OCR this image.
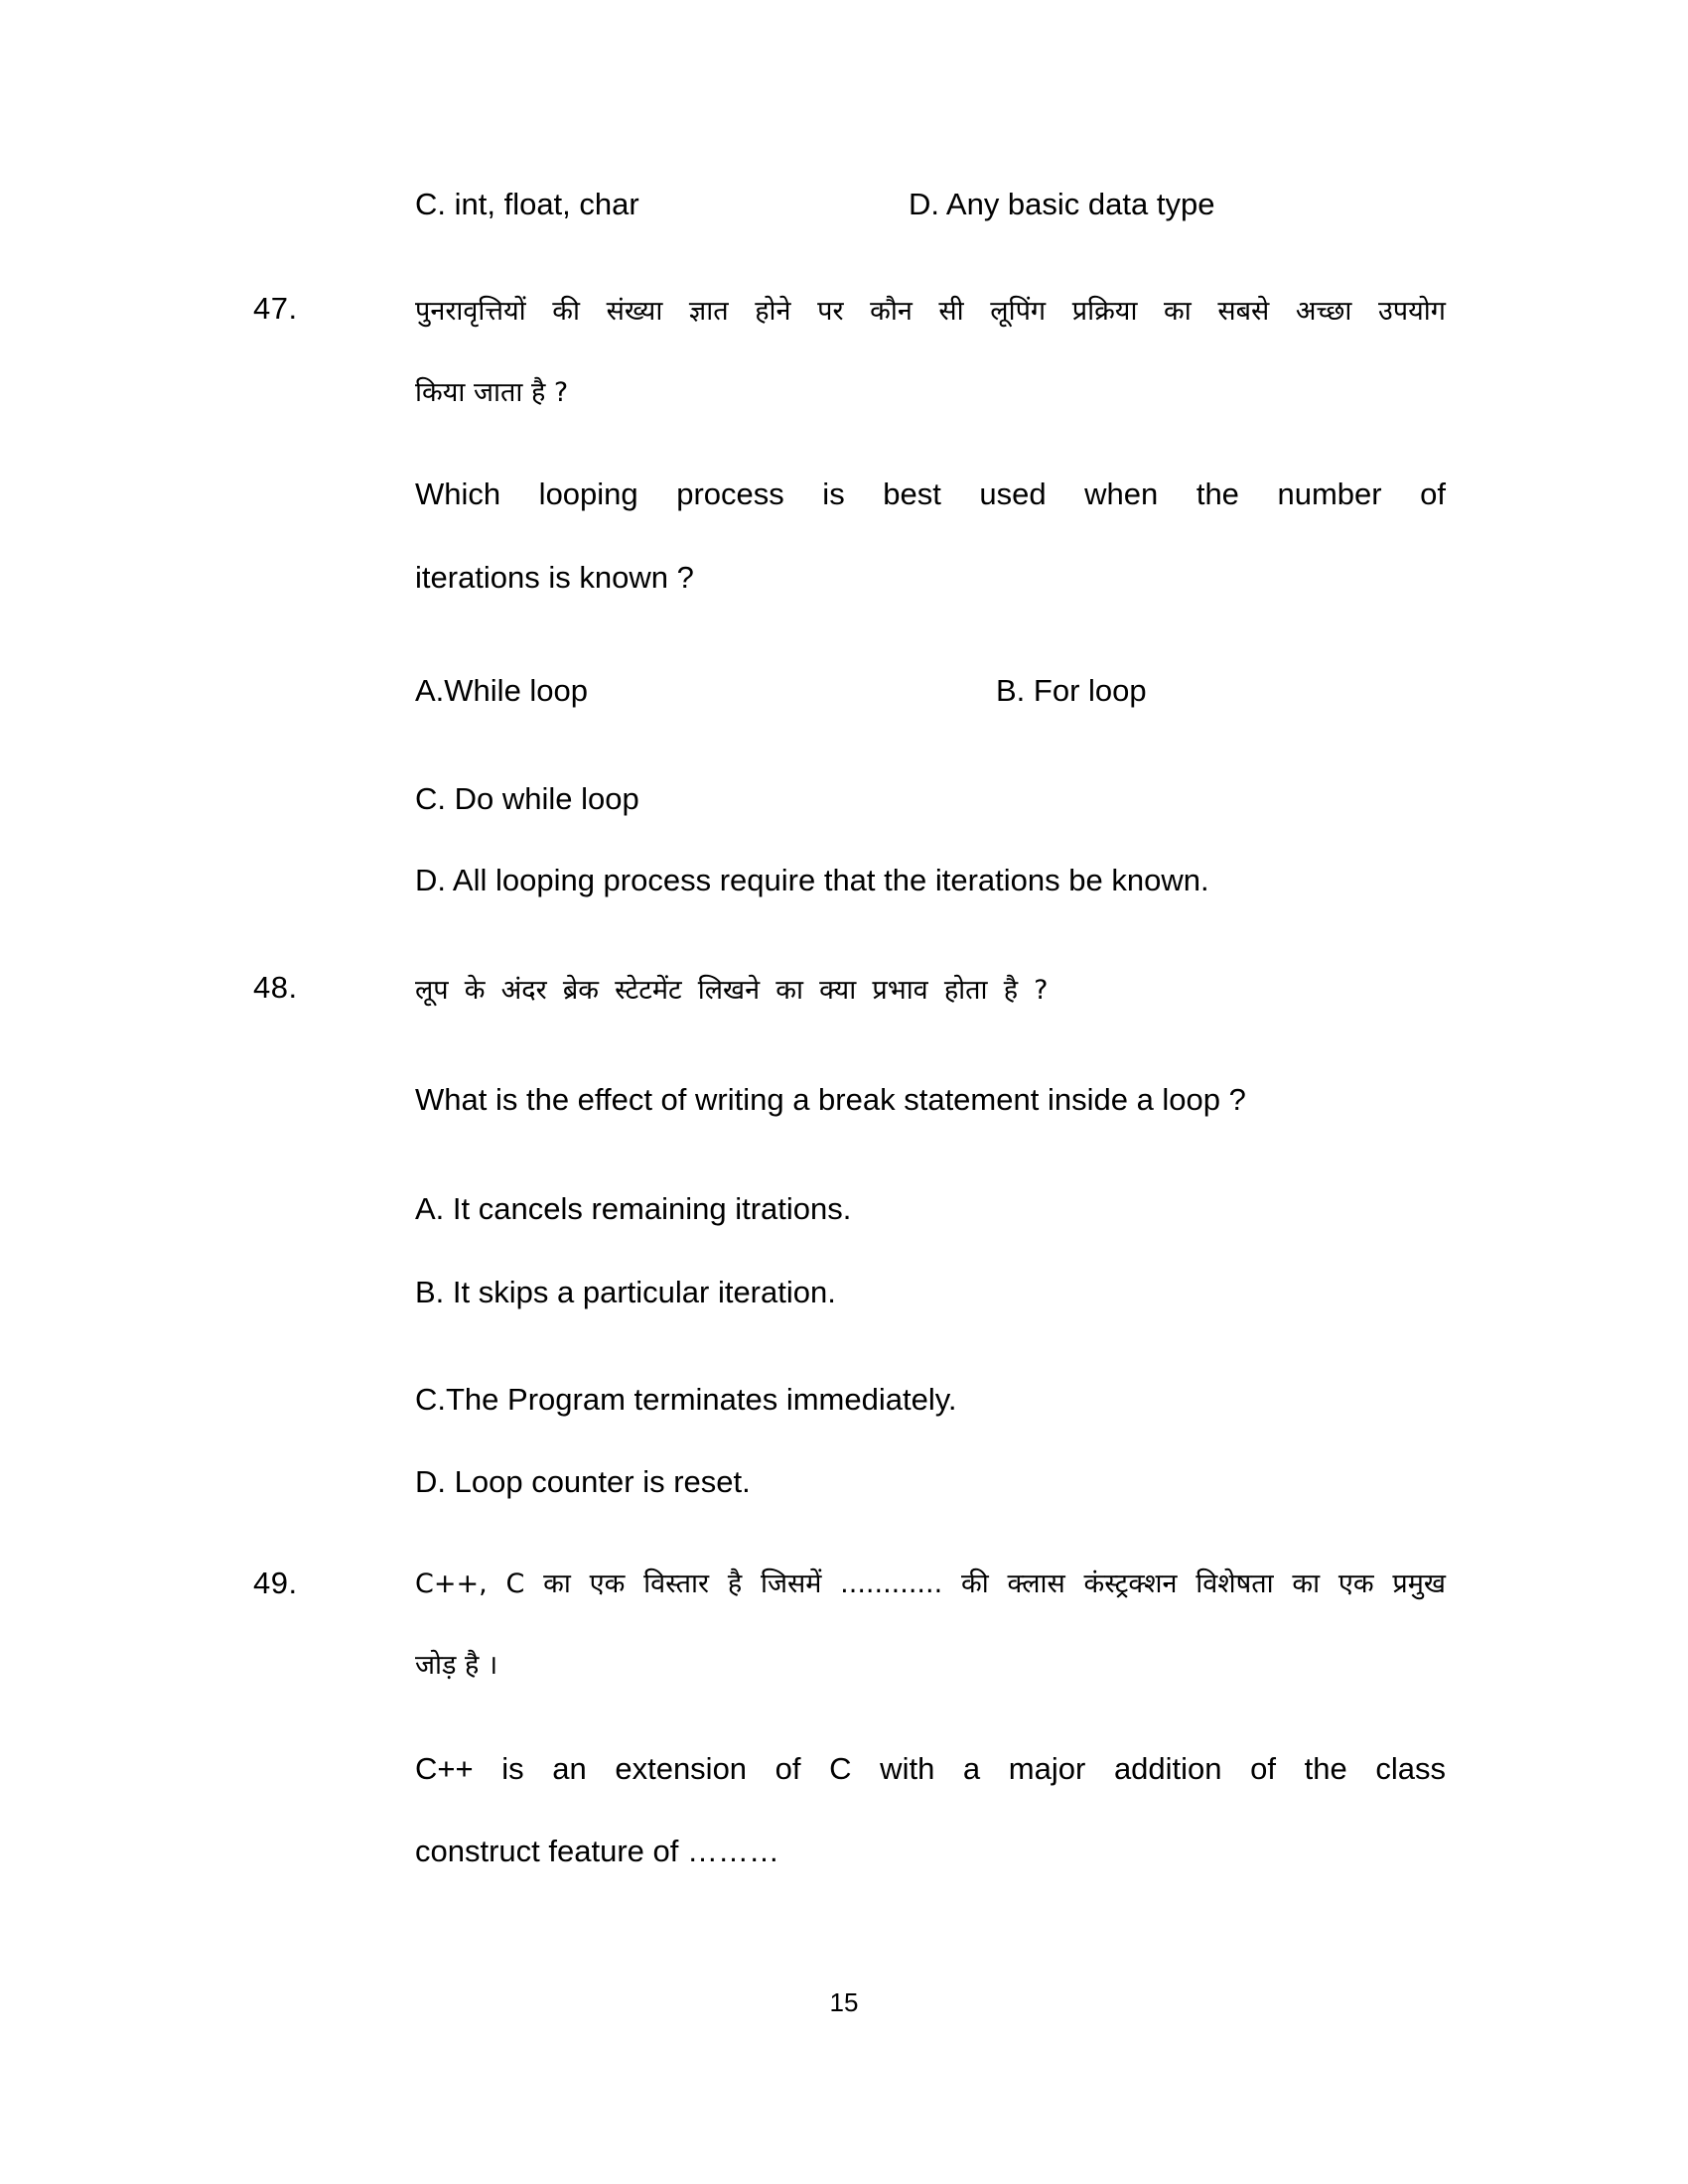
C. int, float, char	D. Any basic data type
47.	पुनरावृत्तियों की संख्या ज्ञात होने पर कौन सी लूपिंग प्रक्रिया का सबसे अच्छा उपयोग
किया जाता है ?
Which looping process is best used when the number of
iterations is known ?
A.While loop	B. For loop
C. Do while loop
D. All looping process require that the iterations be known.
48.	लूप के अंदर ब्रेक स्टेटमेंट लिखने का क्या प्रभाव होता है ?
What is the effect of writing a break statement inside a loop ?
A. It cancels remaining itrations.
B. It skips a particular iteration.
C.The Program terminates immediately.
D. Loop counter is reset.
49.	C++, C का एक विस्तार है जिसमें ............ की क्लास कंस्ट्रक्शन विशेषता का एक प्रमुख
जोड़ है ।
C++ is an extension of C with a major addition of the class
construct feature of ………
15
